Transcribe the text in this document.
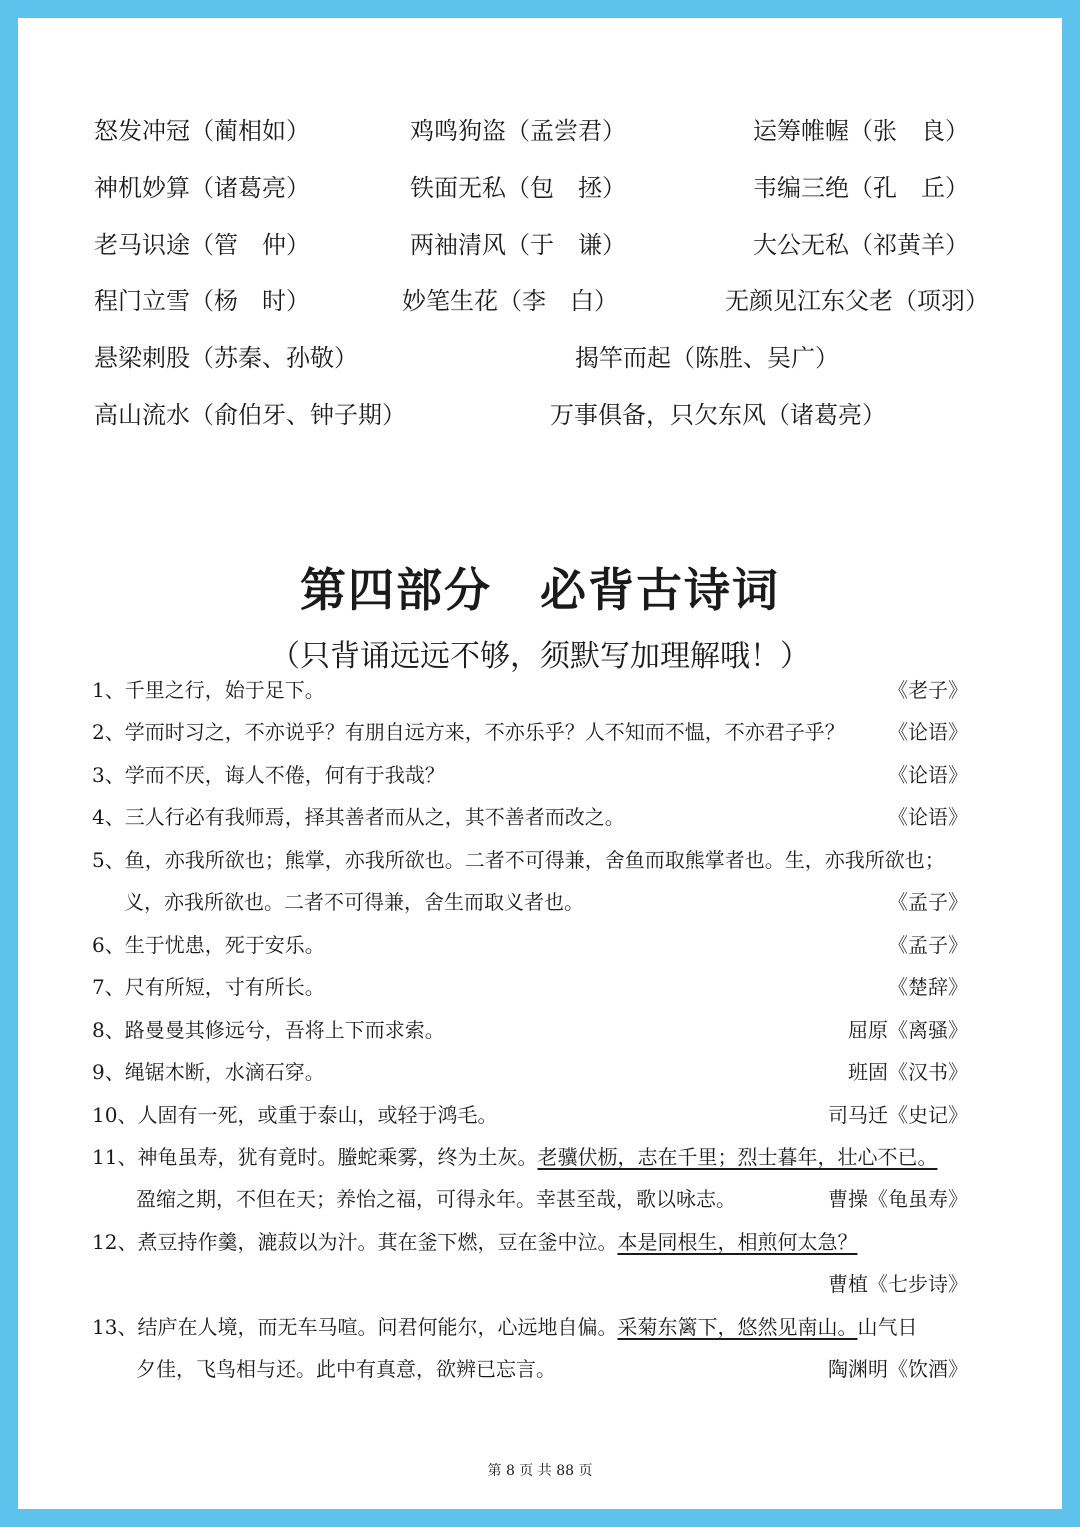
怒发冲冠（蔺相如）	鸡鸣狗盗（孟尝君）	运筹帷幄（张　良）
神机妙算（诸葛亮）	铁面无私（包　拯）	韦编三绝（孔　丘）
老马识途（管　仲）	两袖清风（于　谦）	大公无私（祁黄羊）
程门立雪（杨　时）	妙笔生花（李　白）	无颜见江东父老（项羽）
悬梁刺股（苏秦、孙敬）	揭竿而起（陈胜、吴广）
高山流水（俞伯牙、钟子期）	万事俱备，只欠东风（诸葛亮）
第四部分　必背古诗词
（只背诵远远不够，须默写加理解哦！）
1、千里之行，始于足下。	《老子》
2、学而时习之，不亦说乎？有朋自远方来，不亦乐乎？人不知而不愠，不亦君子乎？ 《论语》
3、学而不厌，诲人不倦，何有于我哉？	《论语》
4、三人行必有我师焉，择其善者而从之，其不善者而改之。	《论语》
5、鱼，亦我所欲也；熊掌，亦我所欲也。二者不可得兼，舍鱼而取熊掌者也。生，亦我所欲也；
义，亦我所欲也。二者不可得兼，舍生而取义者也。	《孟子》
6、生于忧患，死于安乐。	《孟子》
7、尺有所短，寸有所长。	《楚辞》
8、路曼曼其修远兮，吾将上下而求索。	屈原《离骚》
9、绳锯木断，水滴石穿。	班固《汉书》
10、人固有一死，或重于泰山，或轻于鸿毛。	司马迁《史记》
11、神龟虽寿，犹有竟时。螣蛇乘雾，终为土灰。老骥伏枥，志在千里；烈士暮年，壮心不已。
盈缩之期，不但在天；养怡之福，可得永年。幸甚至哉，歌以咏志。	曹操《龟虽寿》
12、煮豆持作羹，漉菽以为汁。萁在釜下燃，豆在釜中泣。本是同根生，相煎何太急？
曹植《七步诗》
13、结庐在人境，而无车马喧。问君何能尔，心远地自偏。采菊东篱下，悠然见南山。山气日
夕佳，飞鸟相与还。此中有真意，欲辨已忘言。	陶渊明《饮酒》
第 8 页 共 88 页
